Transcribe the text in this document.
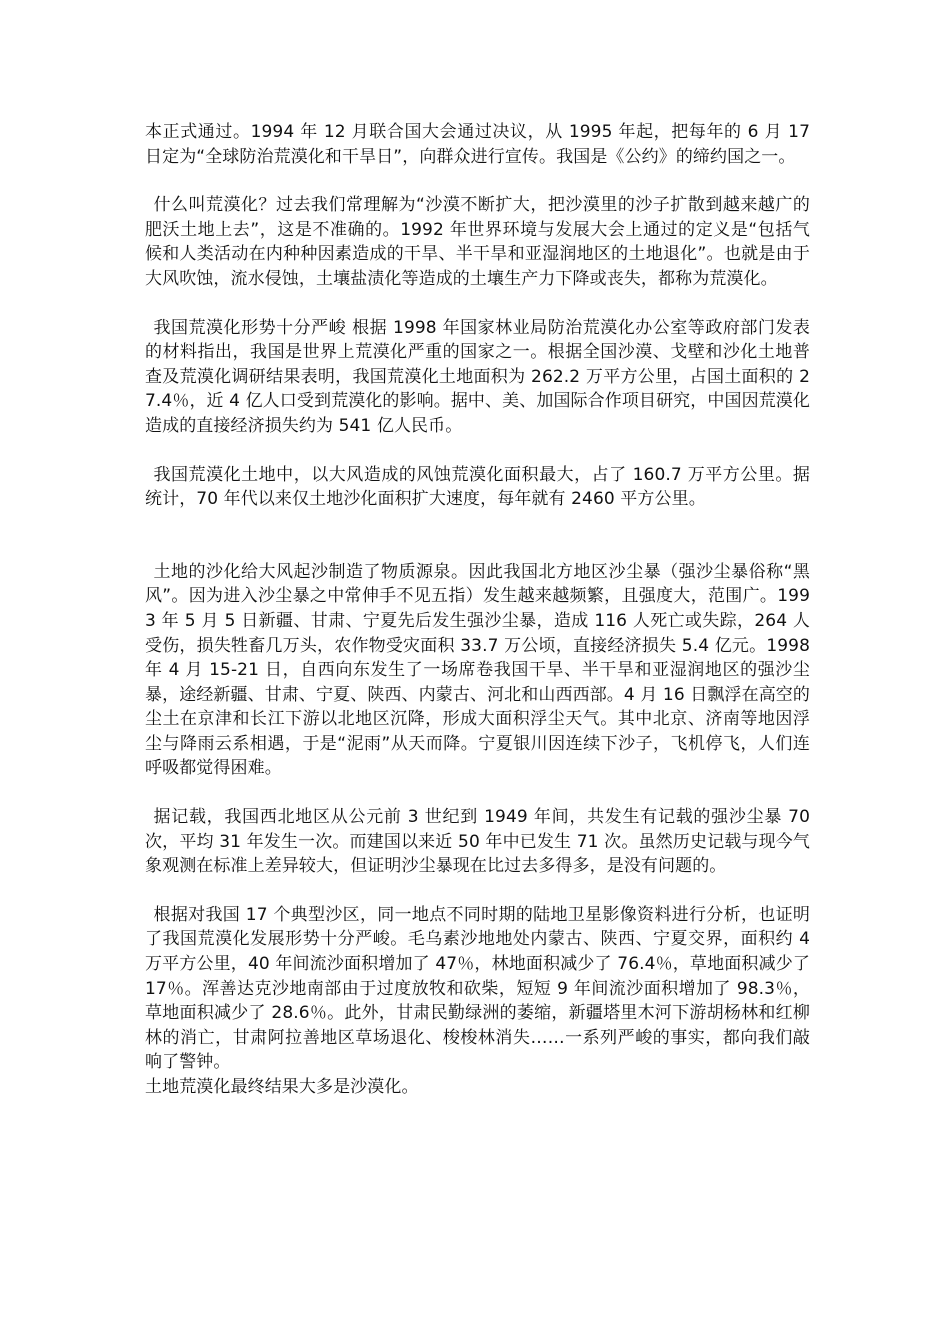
本正式通过。1994 年 12 月联合国大会通过决议，从 1995 年起，把每年的 6 月 17 日定为“全球防治荒漠化和干旱日”，向群众进行宣传。我国是《公约》的缔约国之一。

什么叫荒漠化？过去我们常理解为“沙漠不断扩大，把沙漠里的沙子扩散到越来越广的肥沃土地上去”，这是不准确的。1992 年世界环境与发展大会上通过的定义是“包括气候和人类活动在内种种因素造成的干旱、半干旱和亚湿润地区的土地退化”。也就是由于大风吹蚀，流水侵蚀，土壤盐渍化等造成的土壤生产力下降或丧失，都称为荒漠化。

我国荒漠化形势十分严峻 根据 1998 年国家林业局防治荒漠化办公室等政府部门发表的材料指出，我国是世界上荒漠化严重的国家之一。根据全国沙漠、戈壁和沙化土地普查及荒漠化调研结果表明，我国荒漠化土地面积为 262.2 万平方公里，占国土面积的 27.4％，近 4 亿人口受到荒漠化的影响。据中、美、加国际合作项目研究，中国因荒漠化造成的直接经济损失约为 541 亿人民币。

我国荒漠化土地中，以大风造成的风蚀荒漠化面积最大，占了 160.7 万平方公里。据统计，70 年代以来仅土地沙化面积扩大速度，每年就有 2460 平方公里。

土地的沙化给大风起沙制造了物质源泉。因此我国北方地区沙尘暴（强沙尘暴俗称“黑风”。因为进入沙尘暴之中常伸手不见五指）发生越来越频繁，且强度大，范围广。1993 年 5 月 5 日新疆、甘肃、宁夏先后发生强沙尘暴，造成 116 人死亡或失踪，264 人受伤，损失牲畜几万头，农作物受灾面积 33.7 万公顷，直接经济损失 5.4 亿元。1998 年 4 月 15-21 日，自西向东发生了一场席卷我国干旱、半干旱和亚湿润地区的强沙尘暴，途经新疆、甘肃、宁夏、陕西、内蒙古、河北和山西西部。4 月 16 日飘浮在高空的尘土在京津和长江下游以北地区沉降，形成大面积浮尘天气。其中北京、济南等地因浮尘与降雨云系相遇，于是“泥雨”从天而降。宁夏银川因连续下沙子，飞机停飞，人们连呼吸都觉得困难。

据记载，我国西北地区从公元前 3 世纪到 1949 年间，共发生有记载的强沙尘暴 70 次，平均 31 年发生一次。而建国以来近 50 年中已发生 71 次。虽然历史记载与现今气象观测在标准上差异较大，但证明沙尘暴现在比过去多得多，是没有问题的。

根据对我国 17 个典型沙区，同一地点不同时期的陆地卫星影像资料进行分析，也证明了我国荒漠化发展形势十分严峻。毛乌素沙地地处内蒙古、陕西、宁夏交界，面积约 4 万平方公里，40 年间流沙面积增加了 47％，林地面积减少了 76.4％，草地面积减少了 17％。浑善达克沙地南部由于过度放牧和砍柴，短短 9 年间流沙面积增加了 98.3％，草地面积减少了 28.6％。此外，甘肃民勤绿洲的萎缩，新疆塔里木河下游胡杨林和红柳林的消亡，甘肃阿拉善地区草场退化、梭梭林消失……一系列严峻的事实，都向我们敲响了警钟。

土地荒漠化最终结果大多是沙漠化。
